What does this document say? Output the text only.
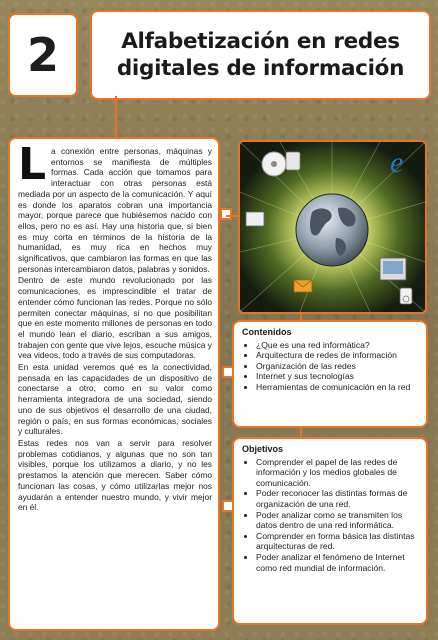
2	Alfabetización en redes
digitales de información

La conexión entre personas, máquinas y entornos se manifiesta de múltiples formas. Cada acción que tomamos para interactuar con otras personas está mediada por un aspecto de la comunicación. Y aquí es donde los aparatos cobran una importancia mayor, porque parece que hubiésemos nacido con ellos, pero no es así. Hay una historia que, si bien es muy corta en términos de la historia de la humanidad, es muy rica en hechos muy significativos, que cambiaron las formas en que las personas intercambiaron datos, palabras y sonidos.

Dentro de este mundo revolucionado por las comunicaciones, es imprescindible el tratar de entender cómo funcionan las redes. Porque no sólo permiten conectar máquinas, si no que posibilitan que en este momento millones de personas en todo el mundo lean el diario, escriban a sus amigos, trabajen con gente que vive lejos, escuche música y vea videos, todo a través de sus computadoras.

En esta unidad veremos qué es la conectividad, pensada en las capacidades de un dispositivo de conectarse a otro, como en su valor como herramienta integradora de una sociedad, siendo uno de sus objetivos el desarrollo de una ciudad, región o país, en sus formas económicas, sociales y culturales.

Estas redes nos van a servir para resolver problemas cotidianos, y algunas que no son tan visibles, porque los utilizamos a diario, y no les prestamos la atención que merecen. Saber cómo funcionan las cosas, y cómo utilizarlas mejor nos ayudarán a entender nuestro mundo, y vivir mejor en él.

e
Contenidos
• ¿Que es una red informática?
• Arquitectura de redes de información
• Organización de las redes
• Internet y sus tecnologías
• Herramientas de comunicación en la red
Objetivos
• Comprender el papel de las redes de información y los medios globales de comunicación.
• Poder reconocer las distintas formas de organización de una red.
• Poder analizar como se transmiten los datos dentro de una red informática.
• Comprender en forma básica las distintas arquitecturas de red.
• Poder analizar el fenómeno de Internet como red mundial de información.
